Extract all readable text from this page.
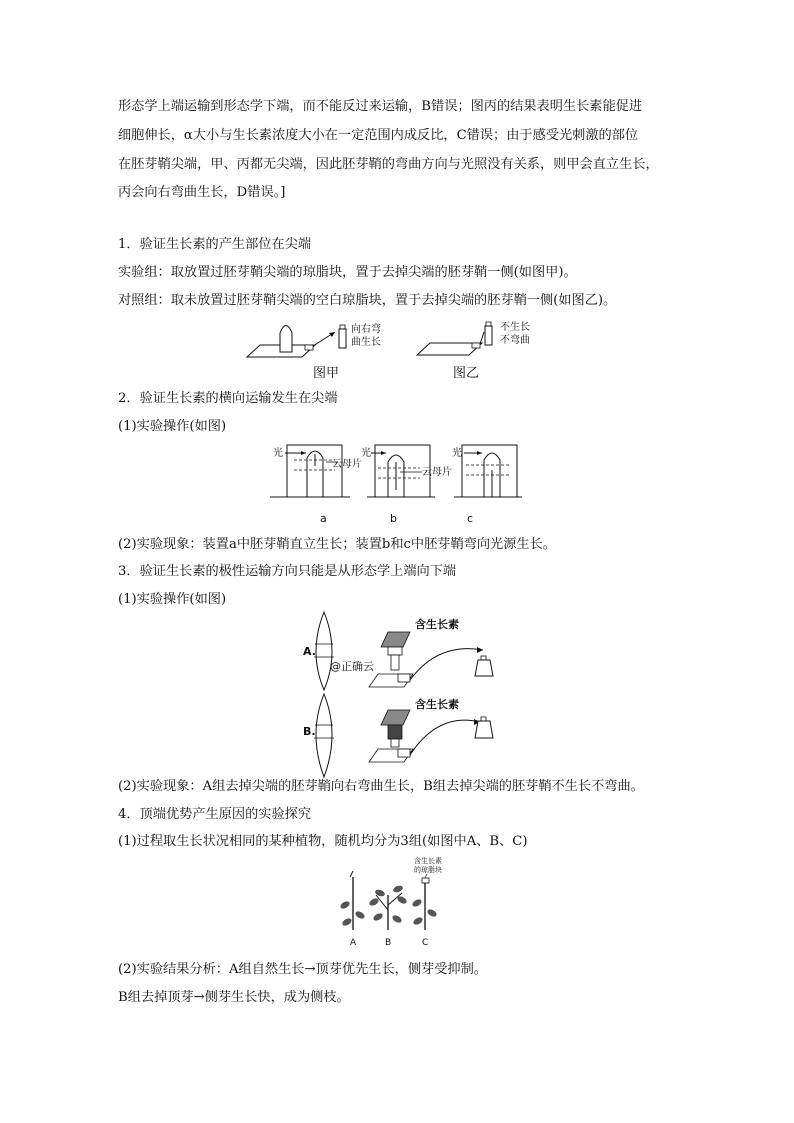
形态学上端运输到形态学下端，而不能反过来运输，B错误；图丙的结果表明生长素能促进
细胞伸长，α大小与生长素浓度大小在一定范围内成反比，C错误；由于感受光刺激的部位
在胚芽鞘尖端，甲、丙都无尖端，因此胚芽鞘的弯曲方向与光照没有关系，则甲会直立生长，
丙会向右弯曲生长，D错误。]
1．验证生长素的产生部位在尖端
实验组：取放置过胚芽鞘尖端的琼脂块，置于去掉尖端的胚芽鞘一侧(如图甲)。
对照组：取未放置过胚芽鞘尖端的空白琼脂块，置于去掉尖端的胚芽鞘一侧(如图乙)。
向右弯
曲生长
不生长
不弯曲
图甲	图乙
2．验证生长素的横向运输发生在尖端
(1)实验操作(如图)
光
云母片
光
云母片
光
a	b	c
(2)实验现象：装置a中胚芽鞘直立生长；装置b和c中胚芽鞘弯向光源生长。
3．验证生长素的极性运输方向只能是从形态学上端向下端
(1)实验操作(如图)
A.
含生长素
@正确云
B.
含生长素
(2)实验现象：A组去掉尖端的胚芽鞘向右弯曲生长，B组去掉尖端的胚芽鞘不生长不弯曲。
4．顶端优势产生原因的实验探究
(1)过程取生长状况相同的某种植物，随机均分为3组(如图中A、B、C)
含生长素
的琼脂块
A	B	C
(2)实验结果分析：A组自然生长→顶芽优先生长，侧芽受抑制。
B组去掉顶芽→侧芽生长快，成为侧枝。
